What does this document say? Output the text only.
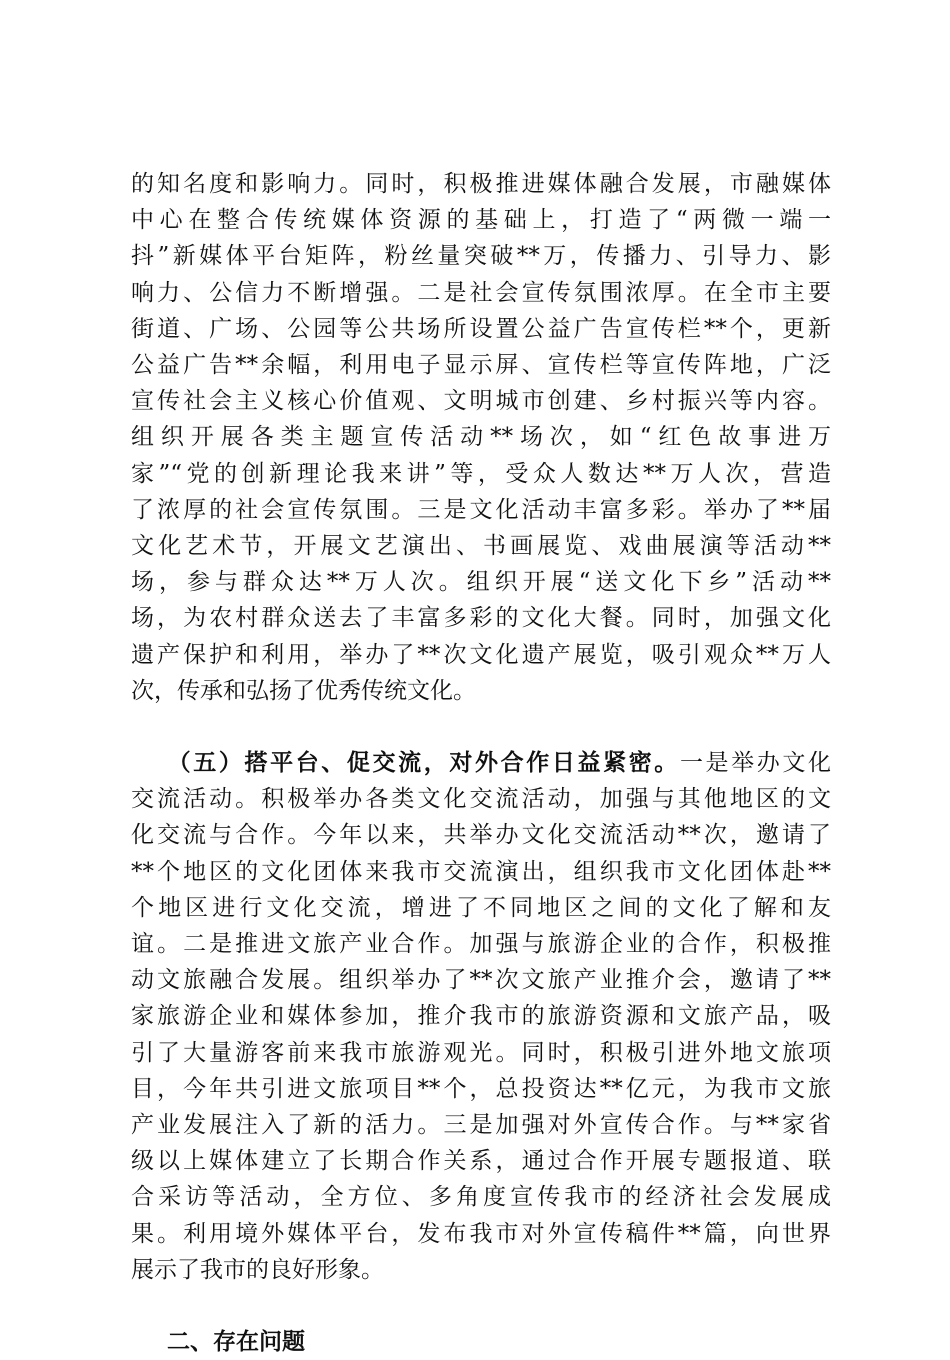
的知名度和影响力。同时，积极推进媒体融合发展，市融媒体
中心在整合传统媒体资源的基础上，打造了“两微一端一
抖”新媒体平台矩阵，粉丝量突破**万，传播力、引导力、影
响力、公信力不断增强。二是社会宣传氛围浓厚。在全市主要
街道、广场、公园等公共场所设置公益广告宣传栏**个，更新
公益广告**余幅，利用电子显示屏、宣传栏等宣传阵地，广泛
宣传社会主义核心价值观、文明城市创建、乡村振兴等内容。
组织开展各类主题宣传活动**场次，如“红色故事进万
家”“党的创新理论我来讲”等，受众人数达**万人次，营造
了浓厚的社会宣传氛围。三是文化活动丰富多彩。举办了**届
文化艺术节，开展文艺演出、书画展览、戏曲展演等活动**
场，参与群众达**万人次。组织开展“送文化下乡”活动**
场，为农村群众送去了丰富多彩的文化大餐。同时，加强文化
遗产保护和利用，举办了**次文化遗产展览，吸引观众**万人
次，传承和弘扬了优秀传统文化。
（五）搭平台、促交流，对外合作日益紧密。一是举办文化
交流活动。积极举办各类文化交流活动，加强与其他地区的文
化交流与合作。今年以来，共举办文化交流活动**次，邀请了
**个地区的文化团体来我市交流演出，组织我市文化团体赴**
个地区进行文化交流，增进了不同地区之间的文化了解和友
谊。二是推进文旅产业合作。加强与旅游企业的合作，积极推
动文旅融合发展。组织举办了**次文旅产业推介会，邀请了**
家旅游企业和媒体参加，推介我市的旅游资源和文旅产品，吸
引了大量游客前来我市旅游观光。同时，积极引进外地文旅项
目，今年共引进文旅项目**个，总投资达**亿元，为我市文旅
产业发展注入了新的活力。三是加强对外宣传合作。与**家省
级以上媒体建立了长期合作关系，通过合作开展专题报道、联
合采访等活动，全方位、多角度宣传我市的经济社会发展成
果。利用境外媒体平台，发布我市对外宣传稿件**篇，向世界
展示了我市的良好形象。
二、存在问题
